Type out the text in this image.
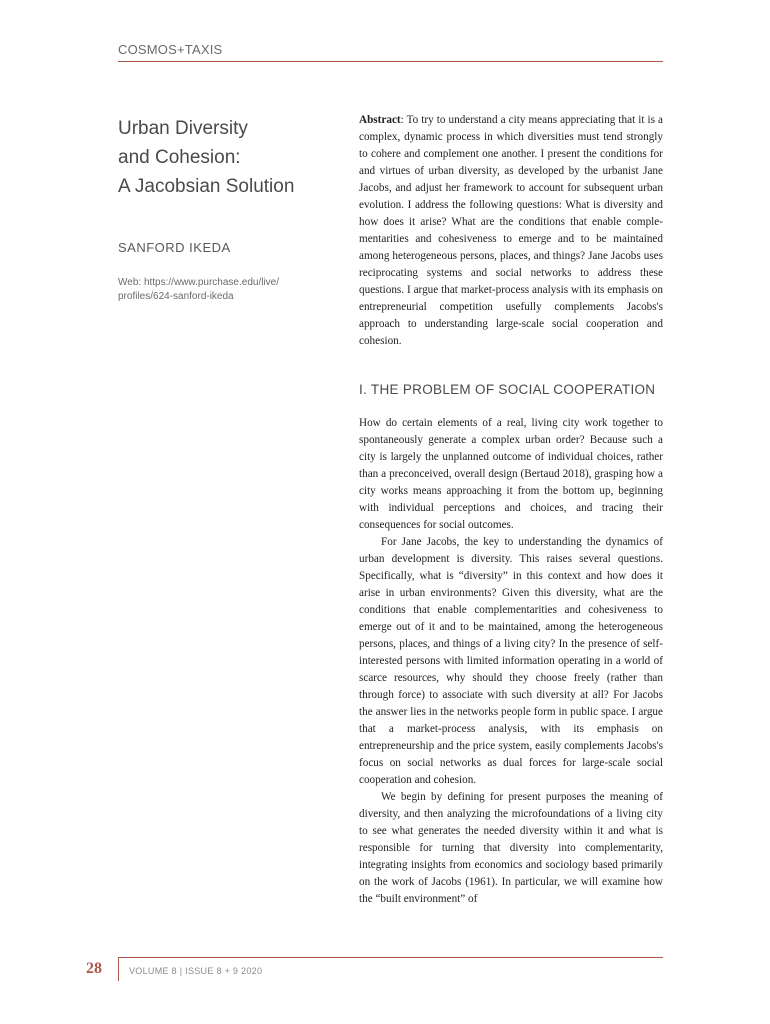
COSMOS+TAXIS
Urban Diversity
and Cohesion:
A Jacobsian Solution
SANFORD IKEDA
Web: https://www.purchase.edu/live/
profiles/624-sanford-ikeda
Abstract: To try to understand a city means appreciating that it is a complex, dynamic process in which diversities must tend strongly to cohere and complement one another. I present the conditions for and virtues of urban diversity, as developed by the urbanist Jane Jacobs, and adjust her framework to account for subsequent urban evolution. I address the following questions: What is diversity and how does it arise? What are the conditions that enable complementarities and cohesiveness to emerge and to be maintained among heterogeneous persons, places, and things? Jane Jacobs uses reciprocating systems and social networks to address these questions. I argue that market-process analysis with its emphasis on entrepreneurial competition usefully complements Jacobs's approach to understanding large-scale social cooperation and cohesion.
I. THE PROBLEM OF SOCIAL COOPERATION

How do certain elements of a real, living city work together to spontaneously generate a complex urban order? Because such a city is largely the unplanned outcome of individual choices, rather than a preconceived, overall design (Bertaud 2018), grasping how a city works means approaching it from the bottom up, beginning with individual perceptions and choices, and tracing their consequences for social outcomes.

For Jane Jacobs, the key to understanding the dynamics of urban development is diversity. This raises several questions. Specifically, what is “diversity” in this context and how does it arise in urban environments? Given this diversity, what are the conditions that enable complementarities and cohesiveness to emerge out of it and to be maintained, among the heterogeneous persons, places, and things of a living city? In the presence of self-interested persons with limited information operating in a world of scarce resources, why should they choose freely (rather than through force) to associate with such diversity at all? For Jacobs the answer lies in the networks people form in public space. I argue that a market-process analysis, with its emphasis on entrepreneurship and the price system, easily complements Jacobs's focus on social networks as dual forces for large-scale social cooperation and cohesion.

We begin by defining for present purposes the meaning of diversity, and then analyzing the microfoundations of a living city to see what generates the needed diversity within it and what is responsible for turning that diversity into complementarity, integrating insights from economics and sociology based primarily on the work of Jacobs (1961). In particular, we will examine how the “built environment” of

28	VOLUME 8 | ISSUE 8 + 9 2020
